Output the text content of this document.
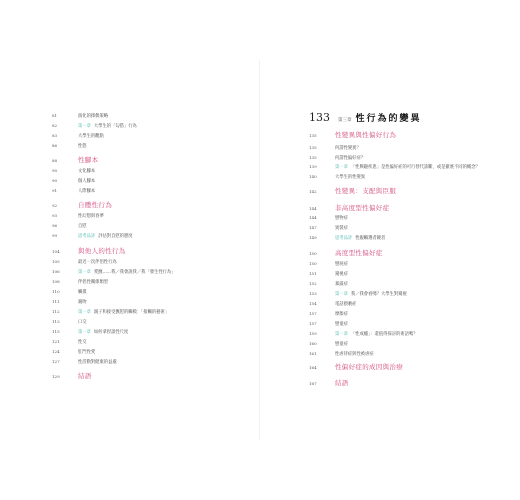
81	演化的擇偶策略
82	第一章 大學生的「勾搭」行為
83	大學生的觀點
86	性慾
88	性腳本
90	文化腳本
90	個人腳本
91	人際腳本
92	自體性行為
93	性幻想與春夢
96	自慰
99	思考品評 評估對自慰的態度
104	與他人的性行為
105	最近一次伴侶性行為
106	第一章 愛撫……我／我會說我／我「發生性行為」
108	伴侶性關係類型
110	觸摸
111	親吻
112	第一章 親子和接受撫慰的觸模：「接觸的藝術」
113	口交
115	第一章 如何拿捏談性尺度
121	性交
124	肛門性愛
127	性活動對健康的益處
129	結語
133 第三章 性行為的變異
135	性變異與性偏好行為
135	何謂性變異？
135	何謂性偏好症？
139	第一章 「性興趣疾患」是性偏好症的可行替代診斷，或是徹底不同的概念？
140	大學生的性變異
142	性變異：支配與臣服
144	非高度型性偏好症
144	戀物症
147	異裝症
149	思考品評 性親觸選者競者
150	高度型性偏好症
150	戀屍症
151	窺視症
152	暴露症
153	第一章 我／我會看嗎？大學生對窺視
154	電話猥褻症
157	摩擦症
157	戀童症
159	第一章 「性成癮」：還值得探討的術語嗎？
160	戀童症
161	性虐待症與性被虐症
164	性偏好症的成因與治療
167	結語
